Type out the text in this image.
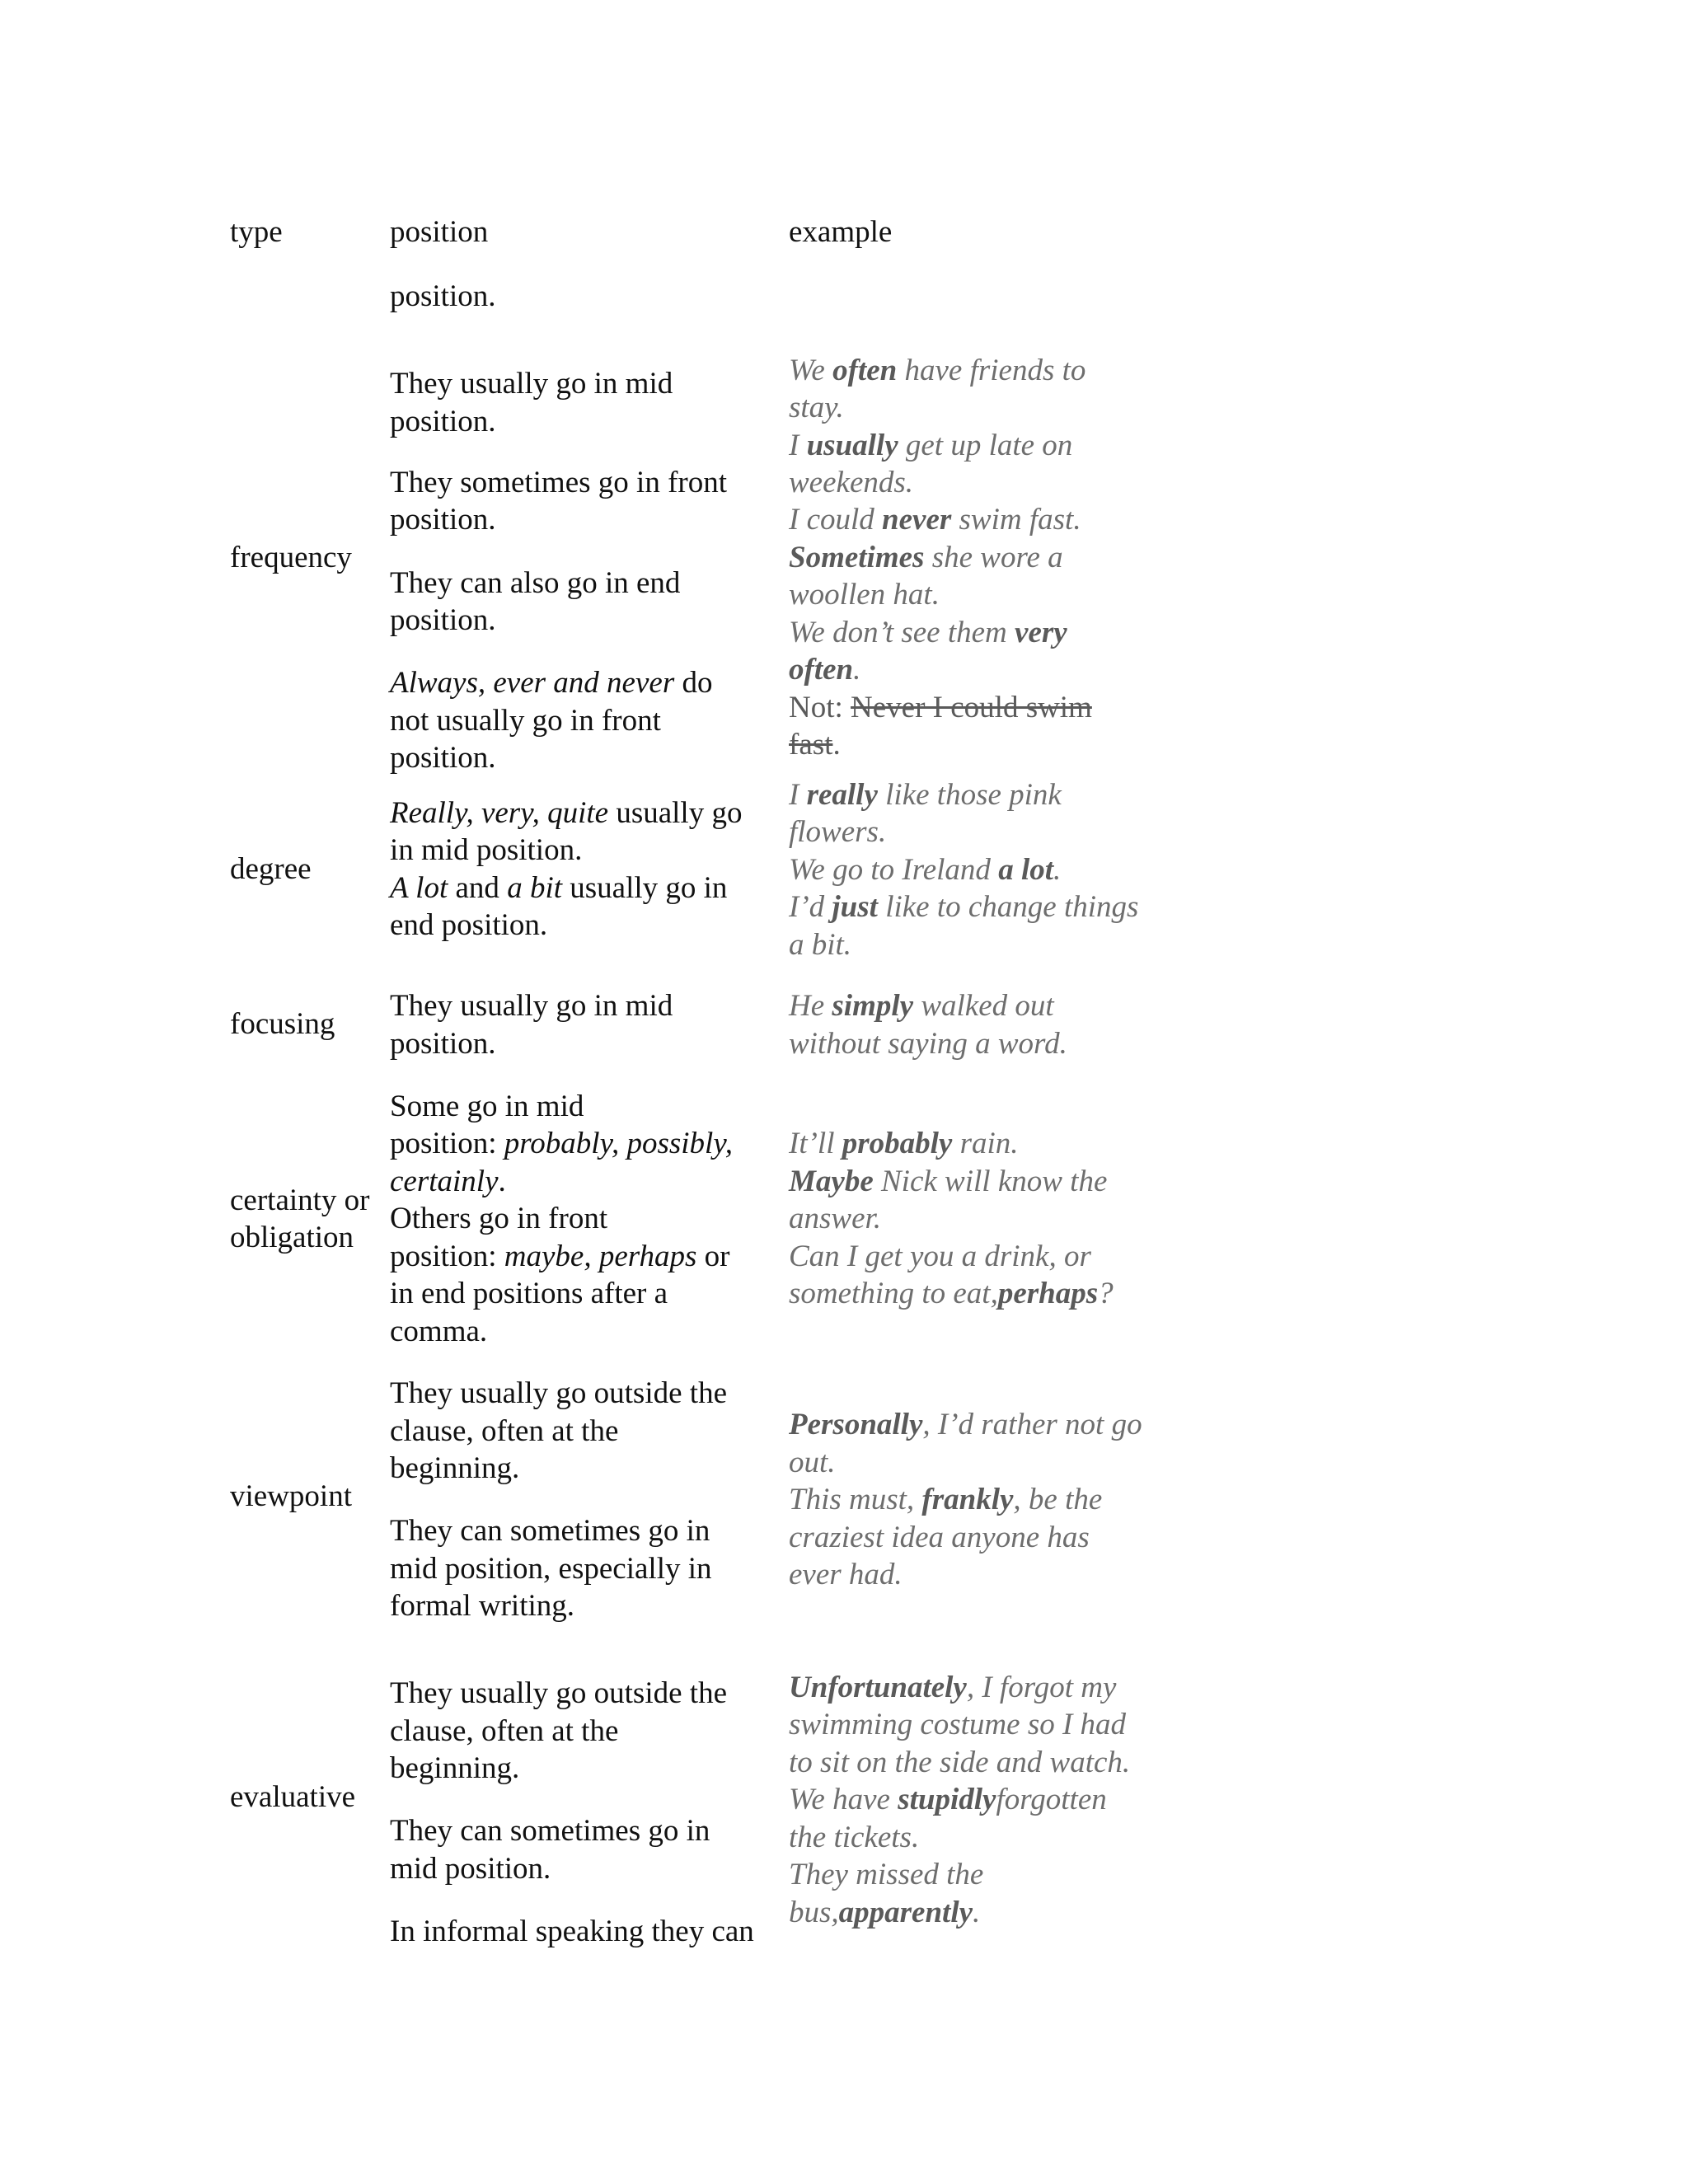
type	position	example
position.
frequency
They usually go in mid
position.
They sometimes go in front
position.
They can also go in end
position.
Always, ever and never do
not usually go in front
position.
We often have friends to
stay.
I usually get up late on
weekends.
I could never swim fast.
Sometimes she wore a
woollen hat.
We don’t see them very
often.
Not: Never I could swim
fast.
degree
Really, very, quite usually go
in mid position.
A lot and a bit usually go in
end position.
I really like those pink
flowers.
We go to Ireland a lot.
I’d just like to change things
a bit.
focusing
They usually go in mid
position.
He simply walked out
without saying a word.
certainty or
obligation
Some go in mid
position: probably, possibly,
certainly.
Others go in front
position: maybe, perhaps or
in end positions after a
comma.
It’ll probably rain.
Maybe Nick will know the
answer.
Can I get you a drink, or
something to eat,perhaps?
viewpoint
They usually go outside the
clause, often at the
beginning.
They can sometimes go in
mid position, especially in
formal writing.
Personally, I’d rather not go
out.
This must, frankly, be the
craziest idea anyone has
ever had.
evaluative
They usually go outside the
clause, often at the
beginning.
They can sometimes go in
mid position.
In informal speaking they can
Unfortunately, I forgot my
swimming costume so I had
to sit on the side and watch.
We have stupidlyforgotten
the tickets.
They missed the
bus,apparently.
